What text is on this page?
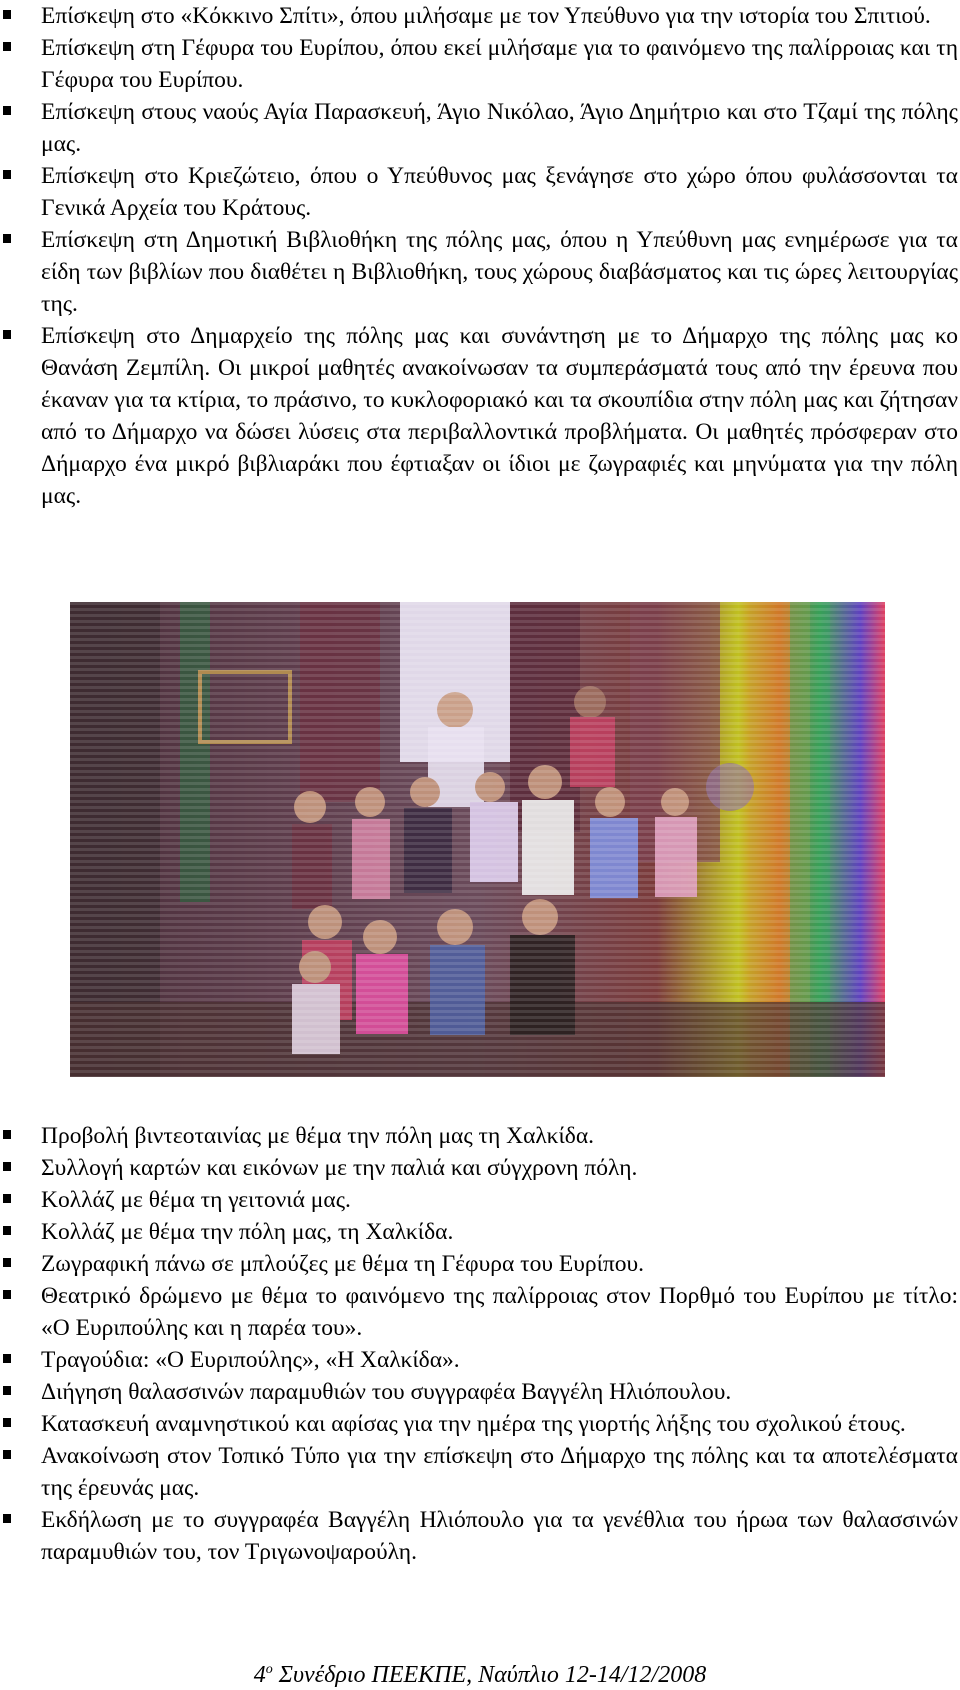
Επίσκεψη στο «Κόκκινο Σπίτι», όπου μιλήσαμε με τον Υπεύθυνο για την ιστορία του Σπιτιού.
Επίσκεψη στη Γέφυρα του Ευρίπου, όπου εκεί μιλήσαμε για το φαινόμενο της παλίρροιας και τη Γέφυρα του Ευρίπου.
Επίσκεψη στους ναούς Αγία Παρασκευή, Άγιο Νικόλαο, Άγιο Δημήτριο και στο Τζαμί της πόλης μας.
Επίσκεψη στο Κριεζώτειο, όπου ο Υπεύθυνος μας ξενάγησε στο χώρο όπου φυλάσσονται τα Γενικά Αρχεία του Κράτους.
Επίσκεψη στη Δημοτική Βιβλιοθήκη της πόλης μας, όπου η Υπεύθυνη μας ενημέρωσε για τα είδη των βιβλίων που διαθέτει η Βιβλιοθήκη, τους χώρους διαβάσματος και τις ώρες λειτουργίας της.
Επίσκεψη στο Δημαρχείο της πόλης μας και συνάντηση με το Δήμαρχο της πόλης μας κο Θανάση Ζεμπίλη. Οι μικροί μαθητές ανακοίνωσαν τα συμπεράσματά τους από την έρευνα που έκαναν για τα κτίρια, το πράσινο, το κυκλοφοριακό και τα σκουπίδια στην πόλη μας και ζήτησαν από το Δήμαρχο να δώσει λύσεις στα περιβαλλοντικά προβλήματα. Οι μαθητές πρόσφεραν στο Δήμαρχο ένα μικρό βιβλιαράκι που έφτιαξαν οι ίδιοι με ζωγραφιές και μηνύματα για την πόλη μας.
Προβολή βιντεοταινίας με θέμα την πόλη μας τη Χαλκίδα.
Συλλογή καρτών και εικόνων με την παλιά και σύγχρονη πόλη.
Κολλάζ με θέμα τη γειτονιά μας.
Κολλάζ με θέμα την πόλη μας, τη Χαλκίδα.
Ζωγραφική πάνω σε μπλούζες με θέμα τη Γέφυρα του Ευρίπου.
Θεατρικό δρώμενο με θέμα το φαινόμενο της παλίρροιας στον Πορθμό του Ευρίπου με τίτλο: «Ο Ευριπούλης και η παρέα του».
Τραγούδια: «Ο Ευριπούλης», «Η Χαλκίδα».
Διήγηση θαλασσινών παραμυθιών του συγγραφέα Βαγγέλη Ηλιόπουλου.
Κατασκευή αναμνηστικού και αφίσας για την ημέρα της γιορτής λήξης του σχολικού έτους.
Ανακοίνωση στον Τοπικό Τύπο για την επίσκεψη στο Δήμαρχο της πόλης και τα αποτελέσματα της έρευνάς μας.
Εκδήλωση με το συγγραφέα Βαγγέλη Ηλιόπουλο για τα γενέθλια του ήρωα των θαλασσινών παραμυθιών του, τον Τριγωνοψαρούλη.
$4^o$ Συνέδριο ΠΕΕΚΠΕ, Ναύπλιο 12-14/12/2008
